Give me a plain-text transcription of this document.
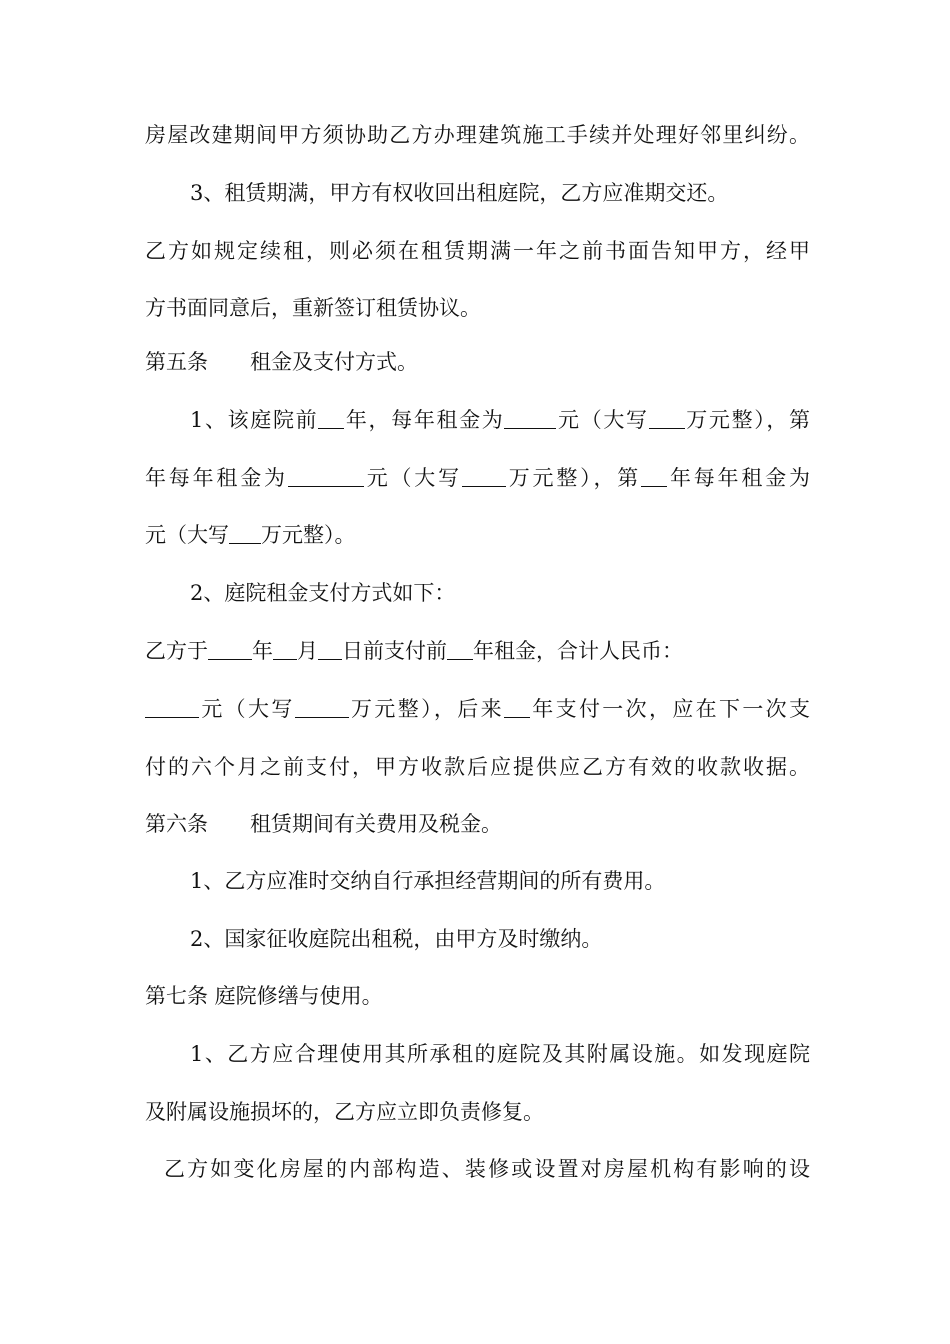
房屋改建期间甲方须协助乙方办理建筑施工手续并处理好邻里纠纷。
3、租赁期满，甲方有权收回出租庭院，乙方应准期交还。
乙方如规定续租，则必须在租赁期满一年之前书面告知甲方，经甲
方书面同意后，重新签订租赁协议。
第五条　　租金及支付方式。
1、该庭院前 年，每年租金为 元（大写 万元整），第
年每年租金为	元（大写 万元整），第 年每年租金为
元（大写 万元整）。
2、庭院租金支付方式如下：
乙方于 年 月 日前支付前 年租金，合计人民币：
元（大写	万元整），后来 年支付一次，应在下一次支
付的六个月之前支付，甲方收款后应提供应乙方有效的收款收据。
第六条　　租赁期间有关费用及税金。
1、乙方应准时交纳自行承担经营期间的所有费用。
2、国家征收庭院出租税，由甲方及时缴纳。
第七条 庭院修缮与使用。
1、乙方应合理使用其所承租的庭院及其附属设施。如发现庭院
及附属设施损坏的，乙方应立即负责修复。
乙方如变化房屋的内部构造、装修或设置对房屋机构有影响的设
